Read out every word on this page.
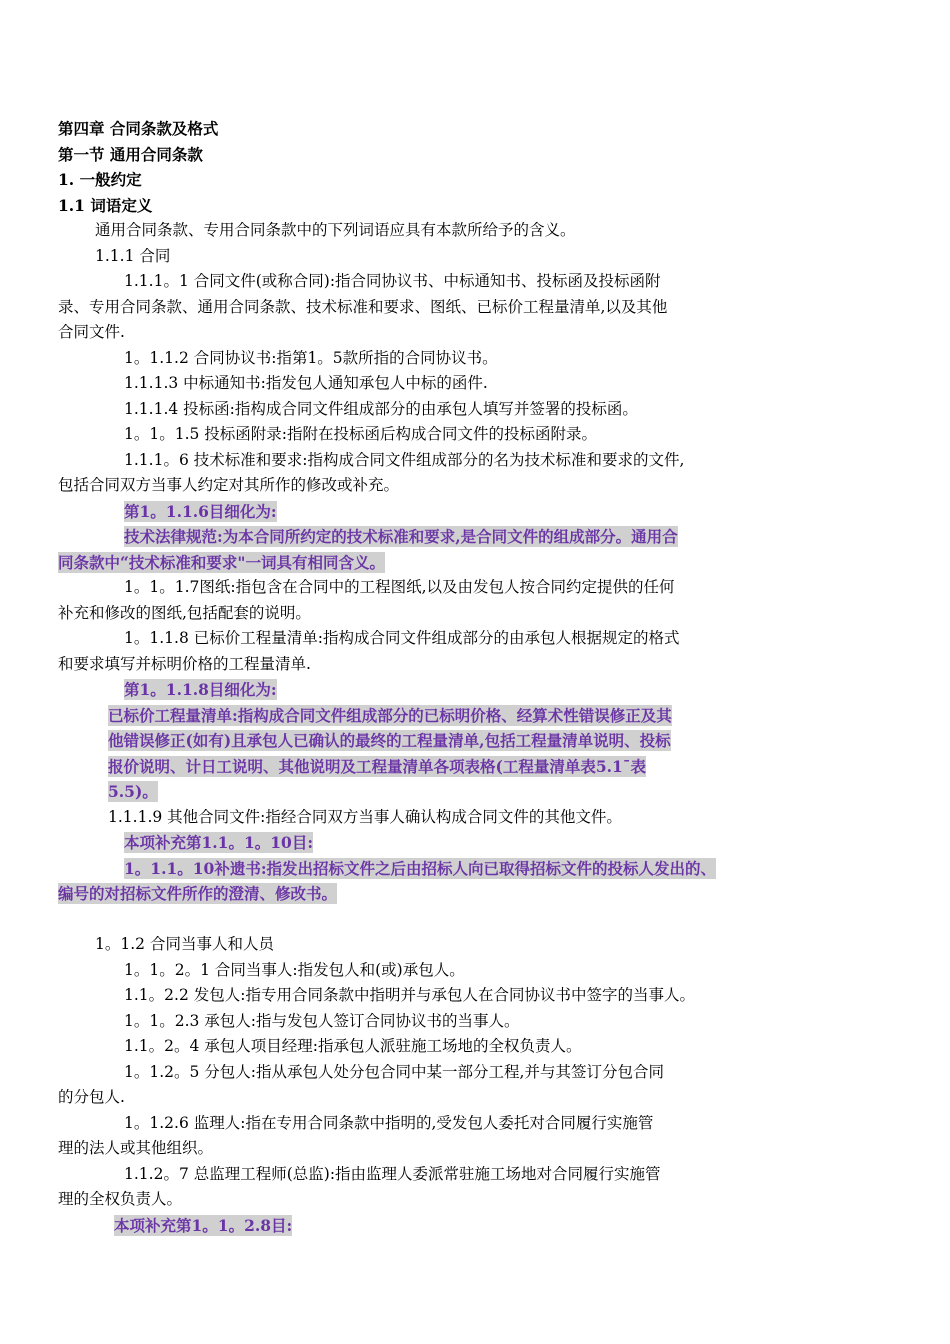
第四章 合同条款及格式
第一节 通用合同条款
1. 一般约定
1.1 词语定义
通用合同条款、专用合同条款中的下列词语应具有本款所给予的含义。
1.1.1 合同
1.1.1。1 合同文件(或称合同):指合同协议书、中标通知书、投标函及投标函附
录、专用合同条款、通用合同条款、技术标准和要求、图纸、已标价工程量清单,以及其他
合同文件.
1。1.1.2 合同协议书:指第1。5款所指的合同协议书。
1.1.1.3 中标通知书:指发包人通知承包人中标的函件.
1.1.1.4 投标函:指构成合同文件组成部分的由承包人填写并签署的投标函。
1。1。1.5 投标函附录:指附在投标函后构成合同文件的投标函附录。
1.1.1。6 技术标准和要求:指构成合同文件组成部分的名为技术标准和要求的文件,
包括合同双方当事人约定对其所作的修改或补充。
第1。1.1.6目细化为:
技术法律规范:为本合同所约定的技术标准和要求,是合同文件的组成部分。通用合
同条款中“技术标准和要求"一词具有相同含义。
1。1。1.7图纸:指包含在合同中的工程图纸,以及由发包人按合同约定提供的任何
补充和修改的图纸,包括配套的说明。
1。1.1.8 已标价工程量清单:指构成合同文件组成部分的由承包人根据规定的格式
和要求填写并标明价格的工程量清单.
第1。1.1.8目细化为:
已标价工程量清单:指构成合同文件组成部分的已标明价格、经算术性错误修正及其
他错误修正(如有)且承包人已确认的最终的工程量清单,包括工程量清单说明、投标
报价说明、计日工说明、其他说明及工程量清单各项表格(工程量清单表5.1¯表
5.5)。
1.1.1.9 其他合同文件:指经合同双方当事人确认构成合同文件的其他文件。
本项补充第1.1。1。10目:
1。1.1。10补遗书:指发出招标文件之后由招标人向已取得招标文件的投标人发出的、
编号的对招标文件所作的澄清、修改书。
1。1.2 合同当事人和人员
1。1。2。1 合同当事人:指发包人和(或)承包人。
1.1。2.2 发包人:指专用合同条款中指明并与承包人在合同协议书中签字的当事人。
1。1。2.3 承包人:指与发包人签订合同协议书的当事人。
1.1。2。4 承包人项目经理:指承包人派驻施工场地的全权负责人。
1。1.2。5 分包人:指从承包人处分包合同中某一部分工程,并与其签订分包合同
的分包人.
1。1.2.6 监理人:指在专用合同条款中指明的,受发包人委托对合同履行实施管
理的法人或其他组织。
1.1.2。7 总监理工程师(总监):指由监理人委派常驻施工场地对合同履行实施管
理的全权负责人。
本项补充第1。1。2.8目:
